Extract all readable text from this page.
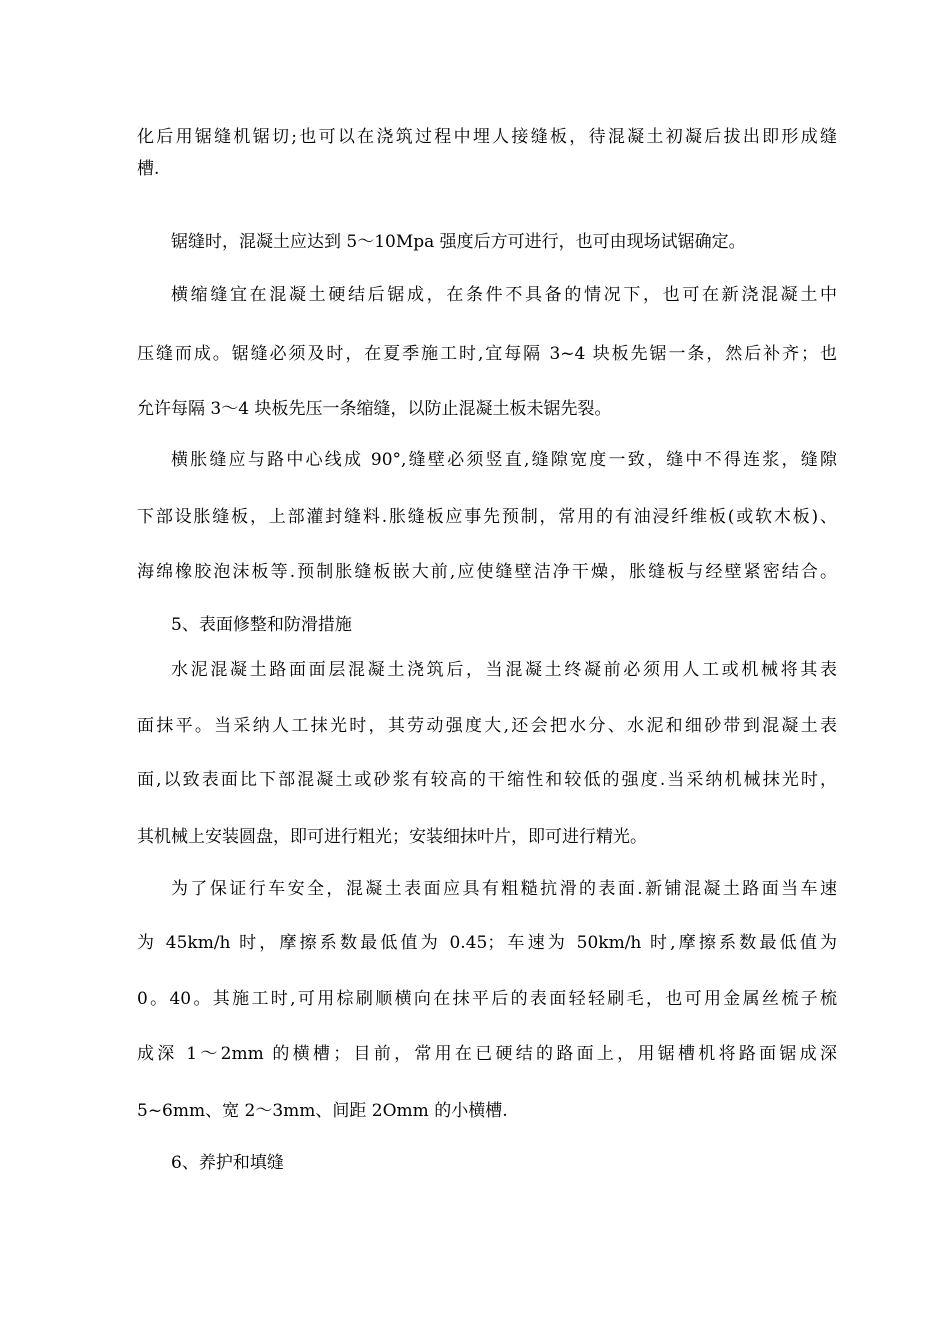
化后用锯缝机锯切;也可以在浇筑过程中埋人接缝板，待混凝土初凝后拔出即形成缝
槽.
锯缝时，混凝土应达到 5～10Mpa 强度后方可进行，也可由现场试锯确定。
横缩缝宜在混凝土硬结后锯成，在条件不具备的情况下，也可在新浇混凝土中
压缝而成。锯缝必须及时，在夏季施工时,宜每隔 3~4 块板先锯一条，然后补齐；也
允许每隔 3～4 块板先压一条缩缝，以防止混凝土板未锯先裂。
横胀缝应与路中心线成 90°,缝壁必须竖直,缝隙宽度一致，缝中不得连浆，缝隙
下部设胀缝板，上部灌封缝料.胀缝板应事先预制，常用的有油浸纤维板(或软木板)、
海绵橡胶泡沫板等.预制胀缝板嵌大前,应使缝壁洁净干燥，胀缝板与经壁紧密结合。
5、表面修整和防滑措施
水泥混凝土路面面层混凝土浇筑后，当混凝土终凝前必须用人工或机械将其表
面抹平。当采纳人工抹光时，其劳动强度大,还会把水分、水泥和细砂带到混凝土表
面,以致表面比下部混凝土或砂浆有较高的干缩性和较低的强度.当采纳机械抹光时，
其机械上安装圆盘，即可进行粗光；安装细抹叶片，即可进行精光。
为了保证行车安全，混凝土表面应具有粗糙抗滑的表面.新铺混凝土路面当车速
为 45km/h 时，摩擦系数最低值为 0.45；车速为 50km/h 时,摩擦系数最低值为
0。40。其施工时,可用棕刷顺横向在抹平后的表面轻轻刷毛，也可用金属丝梳子梳
成深 1～2mm 的横槽；目前，常用在已硬结的路面上，用锯槽机将路面锯成深
5~6mm、宽 2～3mm、间距 2Omm 的小横槽.
6、养护和填缝
